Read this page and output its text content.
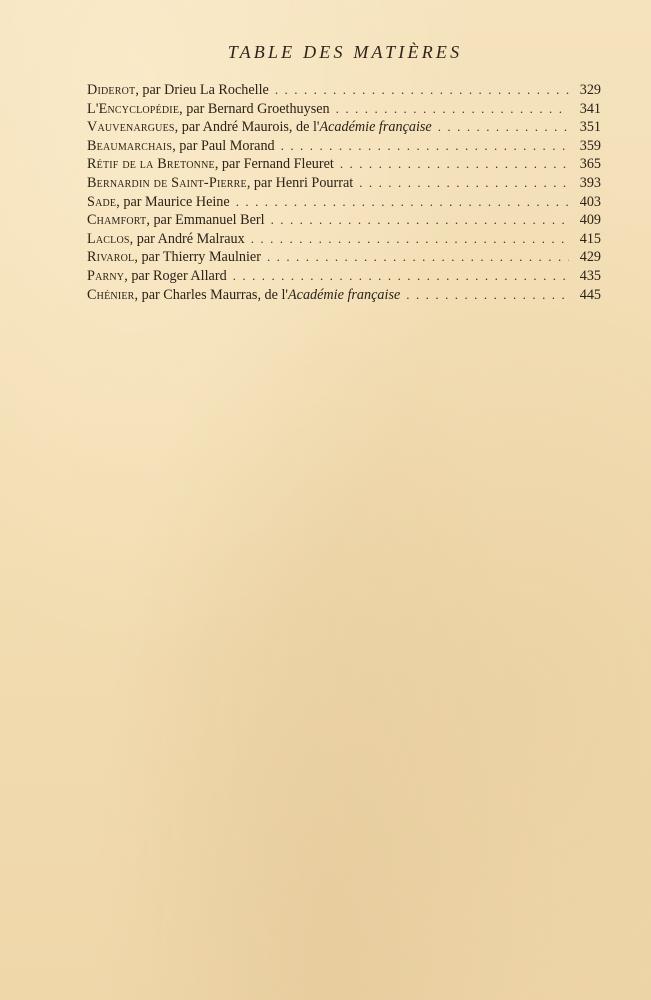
TABLE DES MATIÈRES
Diderot, par Drieu La Rochelle . . .	329
L'Encyclopédie, par Bernard Groethuysen . . .	341
Vauvenargues, par André Maurois, de l'Académie française . . .	351
Beaumarchais, par Paul Morand . . .	359
Rétif de la Bretonne, par Fernand Fleuret . . .	365
Bernardin de Saint-Pierre, par Henri Pourrat . . .	393
Sade, par Maurice Heine . . .	403
Chamfort, par Emmanuel Berl . . .	409
Laclos, par André Malraux . . .	415
Rivarol, par Thierry Maulnier . . .	429
Parny, par Roger Allard . . .	435
Chénier, par Charles Maurras, de l'Académie française . . .	445
